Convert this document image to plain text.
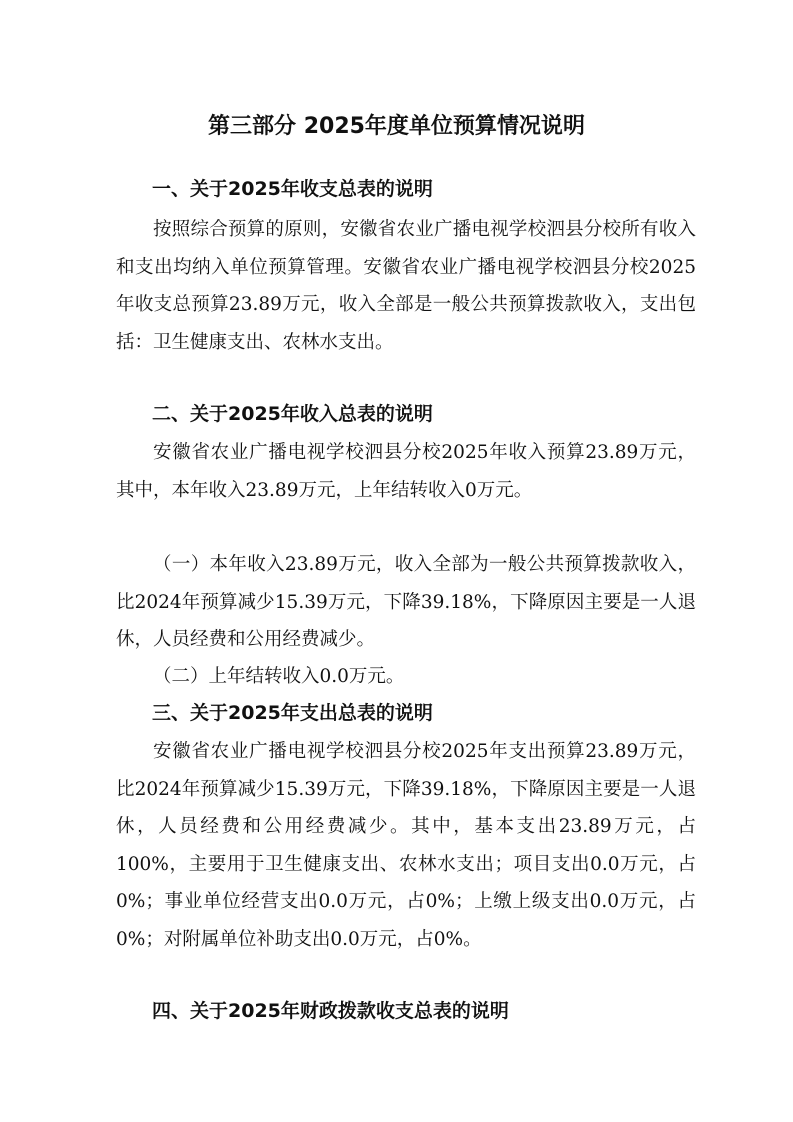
第三部分 2025年度单位预算情况说明
一、关于2025年收支总表的说明
按照综合预算的原则，安徽省农业广播电视学校泗县分校所有收入和支出均纳入单位预算管理。安徽省农业广播电视学校泗县分校2025年收支总预算23.89万元，收入全部是一般公共预算拨款收入，支出包括：卫生健康支出、农林水支出。
二、关于2025年收入总表的说明
安徽省农业广播电视学校泗县分校2025年收入预算23.89万元，其中，本年收入23.89万元，上年结转收入0万元。
（一）本年收入23.89万元，收入全部为一般公共预算拨款收入，比2024年预算减少15.39万元，下降39.18%，下降原因主要是一人退休，人员经费和公用经费减少。
（二）上年结转收入0.0万元。
三、关于2025年支出总表的说明
安徽省农业广播电视学校泗县分校2025年支出预算23.89万元，比2024年预算减少15.39万元，下降39.18%，下降原因主要是一人退休，人员经费和公用经费减少。其中，基本支出23.89万元，占100%，主要用于卫生健康支出、农林水支出；项目支出0.0万元，占0%；事业单位经营支出0.0万元，占0%；上缴上级支出0.0万元，占0%；对附属单位补助支出0.0万元，占0%。
四、关于2025年财政拨款收支总表的说明
